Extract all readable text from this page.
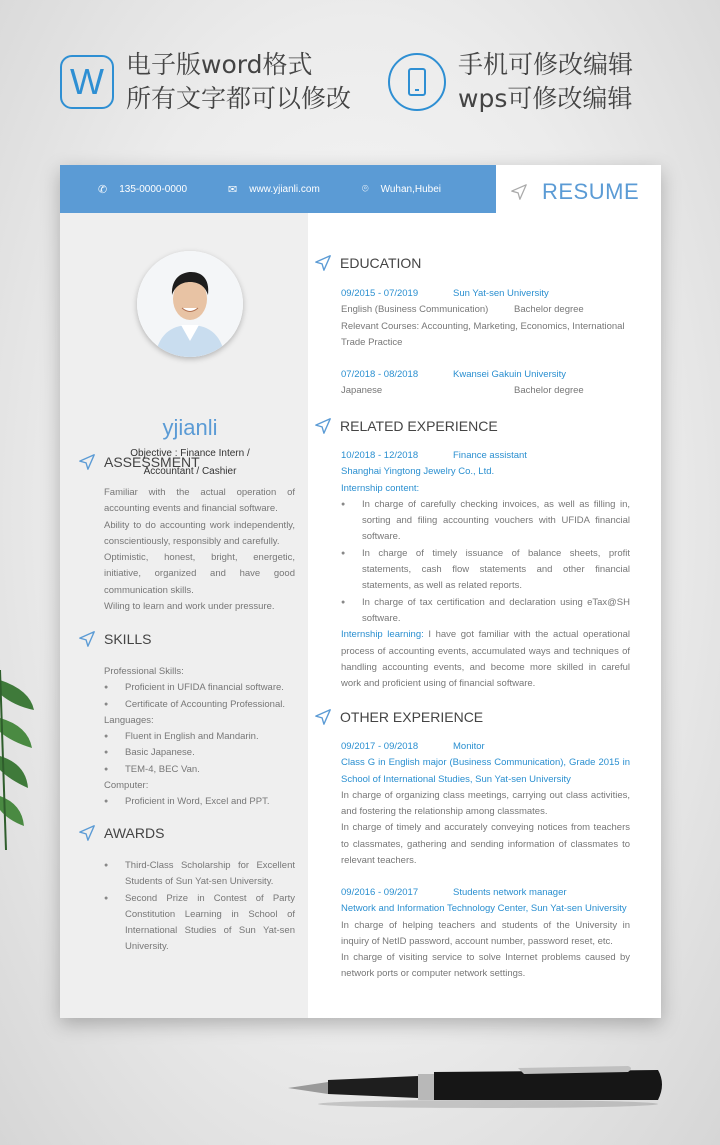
W 电子版word格式
所有文字都可以修改
手机可修改编辑
wps可修改编辑
✆ 135-0000-0000	✉ www.yjianli.com	⌾ Wuhan,Hubei	RESUME
yjianli
Objective : Finance Intern /
Accountant / Cashier
ASSESSMENT

Familiar with the actual operation of accounting events and financial software.

Ability to do accounting work independently, conscientiously, responsibly and carefully.

Optimistic, honest, bright, energetic, initiative, organized and have good communication skills.

Wiling to learn and work under pressure.

SKILLS
Professional Skills:
● Proficient in UFIDA financial software.
● Certificate of Accounting Professional.
Languages:
● Fluent in English and Mandarin.
● Basic Japanese.
● TEM-4, BEC Van.
Computer:
● Proficient in Word, Excel and PPT.
AWARDS
● Third-Class Scholarship for Excellent Students of Sun Yat-sen University.
● Second Prize in Contest of Party Constitution Learning in School of International Studies of Sun Yat-sen University.
EDUCATION
09/2015 - 07/2019	Sun Yat-sen University
English (Business Communication)	Bachelor degree
Relevant Courses: Accounting, Marketing, Economics, International Trade Practice
07/2018 - 08/2018	Kwansei Gakuin University
Japanese	Bachelor degree
RELATED EXPERIENCE
10/2018 - 12/2018	Finance assistant
Shanghai Yingtong Jewelry Co., Ltd.
Internship content:
● In charge of carefully checking invoices, as well as filling in, sorting and filing accounting vouchers with UFIDA financial software.
● In charge of timely issuance of balance sheets, profit statements, cash flow statements and other financial statements, as well as related reports.
● In charge of tax certification and declaration using eTax@SH software.
Internship learning: I have got familiar with the actual operational process of accounting events, accumulated ways and techniques of handling accounting events, and become more skilled in careful work and proficient using of financial software.
OTHER EXPERIENCE
09/2017 - 09/2018	Monitor
Class G in English major (Business Communication), Grade 2015 in School of International Studies, Sun Yat-sen University
In charge of organizing class meetings, carrying out class activities, and fostering the relationship among classmates.
In charge of timely and accurately conveying notices from teachers to classmates, gathering and sending information of classmates to relevant teachers.
09/2016 - 09/2017	Students network manager
Network and Information Technology Center, Sun Yat-sen University
In charge of helping teachers and students of the University in inquiry of NetID password, account number, password reset, etc.
In charge of visiting service to solve Internet problems caused by network ports or computer network settings.
